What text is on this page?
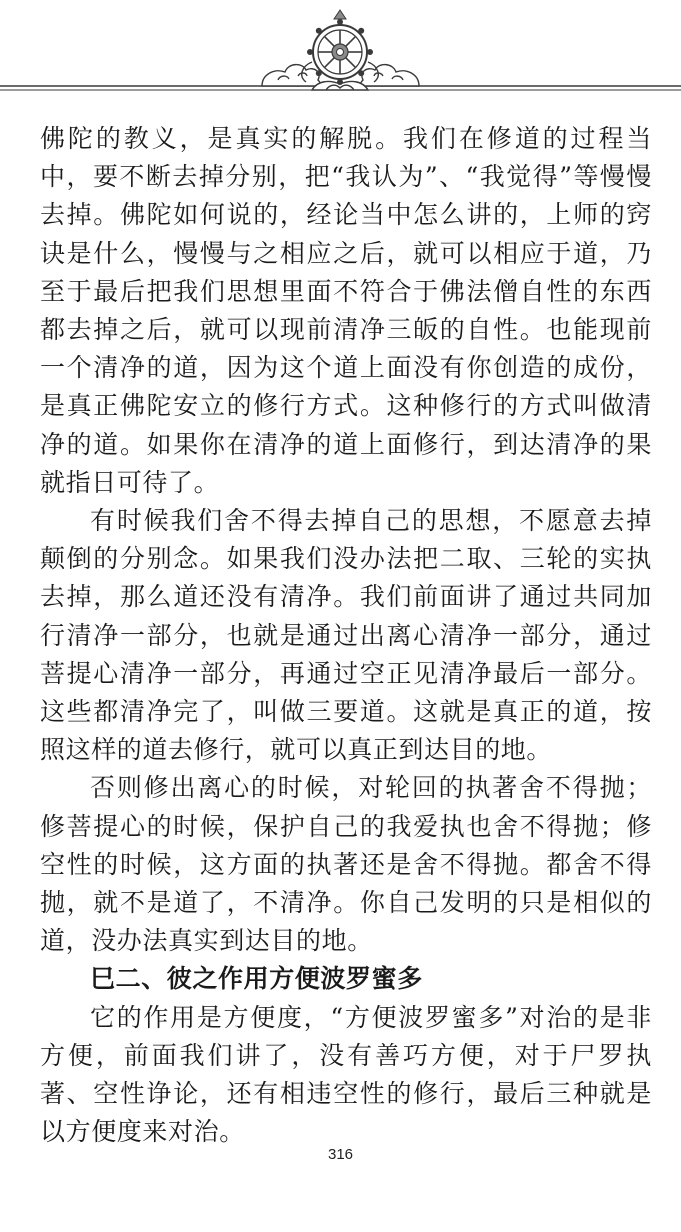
佛陀的教义，是真实的解脱。我们在修道的过程当中，要不断去掉分别，把“我认为”、“我觉得”等慢慢去掉。佛陀如何说的，经论当中怎么讲的，上师的窍诀是什么，慢慢与之相应之后，就可以相应于道，乃至于最后把我们思想里面不符合于佛法僧自性的东西都去掉之后，就可以现前清净三皈的自性。也能现前一个清净的道，因为这个道上面没有你创造的成份，是真正佛陀安立的修行方式。这种修行的方式叫做清净的道。如果你在清净的道上面修行，到达清净的果就指日可待了。

有时候我们舍不得去掉自己的思想，不愿意去掉颠倒的分别念。如果我们没办法把二取、三轮的实执去掉，那么道还没有清净。我们前面讲了通过共同加行清净一部分，也就是通过出离心清净一部分，通过菩提心清净一部分，再通过空正见清净最后一部分。这些都清净完了，叫做三要道。这就是真正的道，按照这样的道去修行，就可以真正到达目的地。

否则修出离心的时候，对轮回的执著舍不得抛；修菩提心的时候，保护自己的我爱执也舍不得抛；修空性的时候，这方面的执著还是舍不得抛。都舍不得抛，就不是道了，不清净。你自己发明的只是相似的道，没办法真实到达目的地。

巳二、彼之作用方便波罗蜜多

它的作用是方便度，“方便波罗蜜多”对治的是非方便，前面我们讲了，没有善巧方便，对于尸罗执著、空性诤论，还有相违空性的修行，最后三种就是以方便度来对治。

316
